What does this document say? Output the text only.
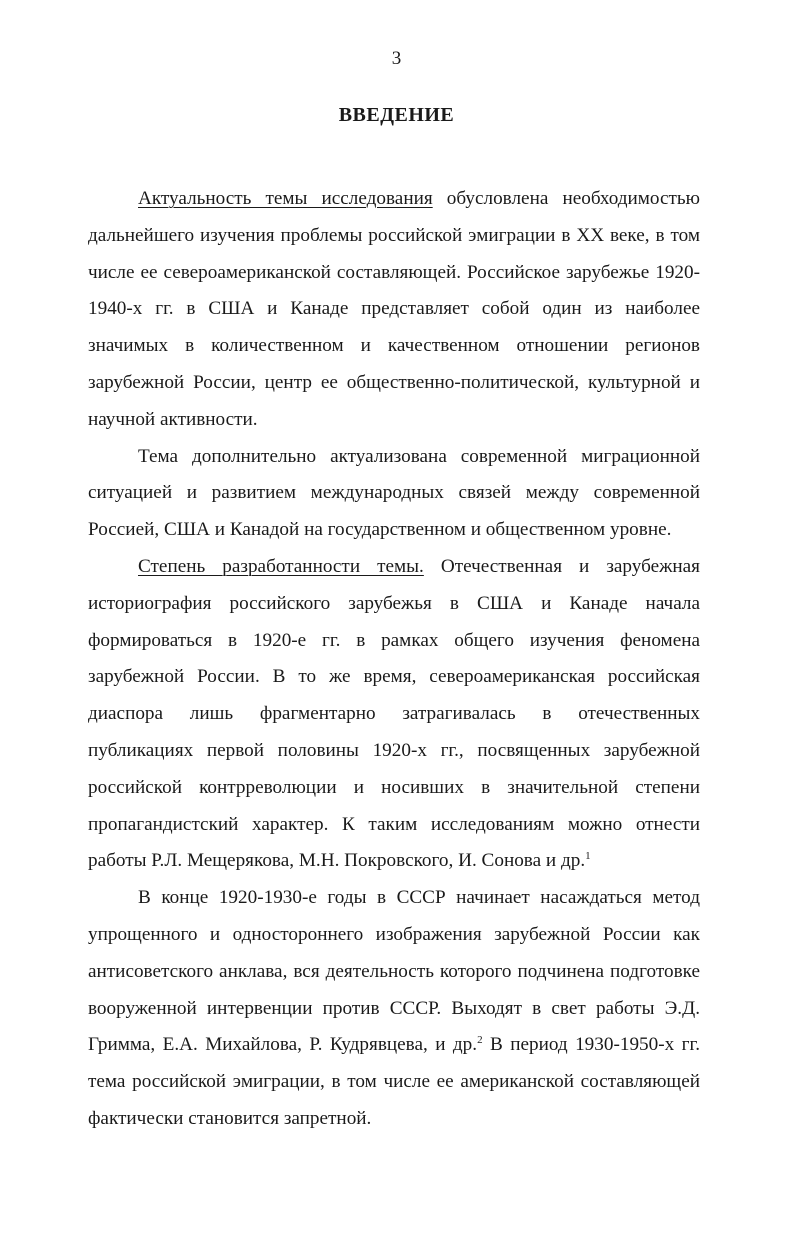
3
ВВЕДЕНИЕ

Актуальность темы исследования обусловлена необходимостью дальнейшего изучения проблемы российской эмиграции в XX веке, в том числе ее североамериканской составляющей. Российское зарубежье 1920-1940-х гг. в США и Канаде представляет собой один из наиболее значимых в количественном и качественном отношении регионов зарубежной России, центр ее общественно-политической, культурной и научной активности.

Тема дополнительно актуализована современной миграционной ситуацией и развитием международных связей между современной Россией, США и Канадой на государственном и общественном уровне.

Степень разработанности темы. Отечественная и зарубежная историография российского зарубежья в США и Канаде начала формироваться в 1920-е гг. в рамках общего изучения феномена зарубежной России. В то же время, североамериканская российская диаспора лишь фрагментарно затрагивалась в отечественных публикациях первой половины 1920-х гг., посвященных зарубежной российской контрреволюции и носивших в значительной степени пропагандистский характер. К таким исследованиям можно отнести работы Р.Л. Мещерякова, М.Н. Покровского, И. Сонова и др.$^1$

В конце 1920-1930-е годы в СССР начинает насаждаться метод упрощенного и одностороннего изображения зарубежной России как антисоветского анклава, вся деятельность которого подчинена подготовке вооруженной интервенции против СССР. Выходят в свет работы Э.Д. Гримма, Е.А. Михайлова, Р. Кудрявцева, и др.$^2$ В период 1930-1950-х гг. тема российской эмиграции, в том числе ее американской составляющей фактически становится запретной.
